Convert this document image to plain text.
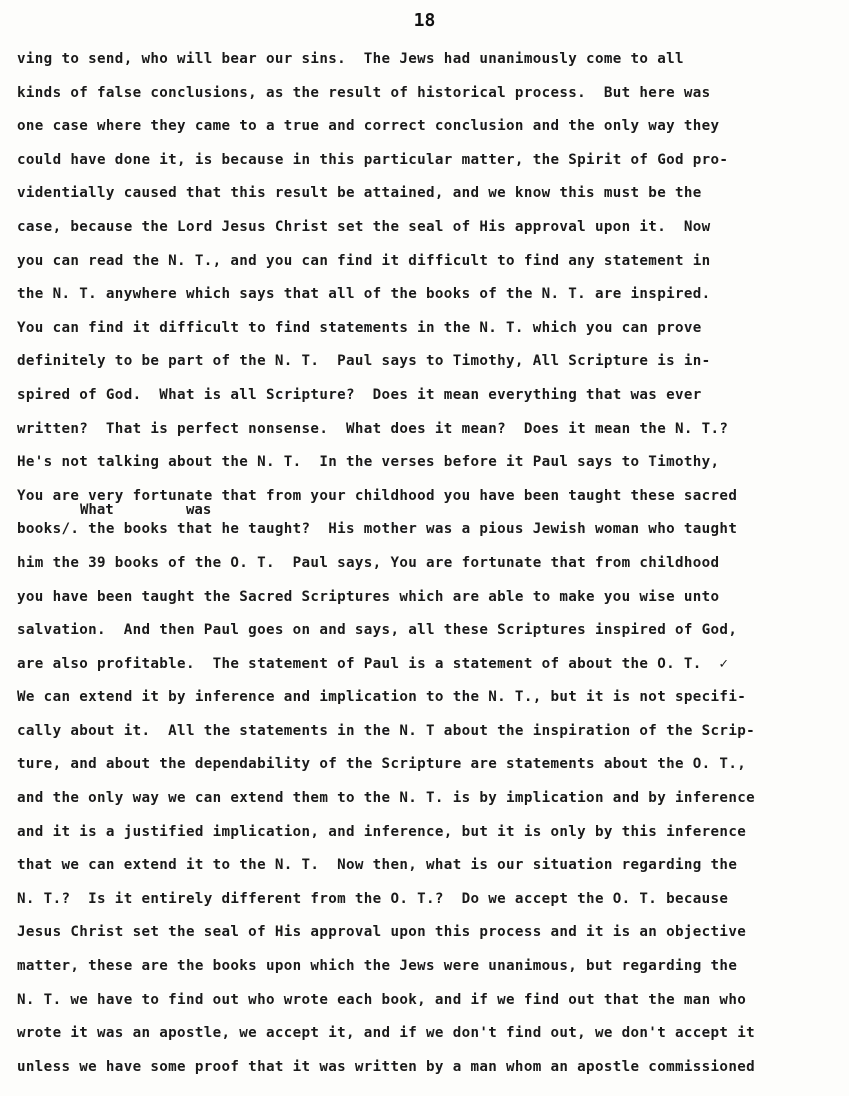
18
What	was
ving to send, who will bear our sins.  The Jews had unanimously come to all
kinds of false conclusions, as the result of historical process.  But here was
one case where they came to a true and correct conclusion and the only way they
could have done it, is because in this particular matter, the Spirit of God pro-
videntially caused that this result be attained, and we know this must be the
case, because the Lord Jesus Christ set the seal of His approval upon it.  Now
you can read the N. T., and you can find it difficult to find any statement in
the N. T. anywhere which says that all of the books of the N. T. are inspired.
You can find it difficult to find statements in the N. T. which you can prove
definitely to be part of the N. T.  Paul says to Timothy, All Scripture is in-
spired of God.  What is all Scripture?  Does it mean everything that was ever
written?  That is perfect nonsense.  What does it mean?  Does it mean the N. T.?
He's not talking about the N. T.  In the verses before it Paul says to Timothy,
You are very fortunate that from your childhood you have been taught these sacred
books/. the books that he taught?  His mother was a pious Jewish woman who taught
him the 39 books of the O. T.  Paul says, You are fortunate that from childhood
you have been taught the Sacred Scriptures which are able to make you wise unto
salvation.  And then Paul goes on and says, all these Scriptures inspired of God,
are also profitable.  The statement of Paul is a statement of about the O. T.  ✓
We can extend it by inference and implication to the N. T., but it is not specifi-
cally about it.  All the statements in the N. T about the inspiration of the Scrip-
ture, and about the dependability of the Scripture are statements about the O. T.,
and the only way we can extend them to the N. T. is by implication and by inference
and it is a justified implication, and inference, but it is only by this inference
that we can extend it to the N. T.  Now then, what is our situation regarding the
N. T.?  Is it entirely different from the O. T.?  Do we accept the O. T. because
Jesus Christ set the seal of His approval upon this process and it is an objective
matter, these are the books upon which the Jews were unanimous, but regarding the
N. T. we have to find out who wrote each book, and if we find out that the man who
wrote it was an apostle, we accept it, and if we don't find out, we don't accept it
unless we have some proof that it was written by a man whom an apostle commissioned
